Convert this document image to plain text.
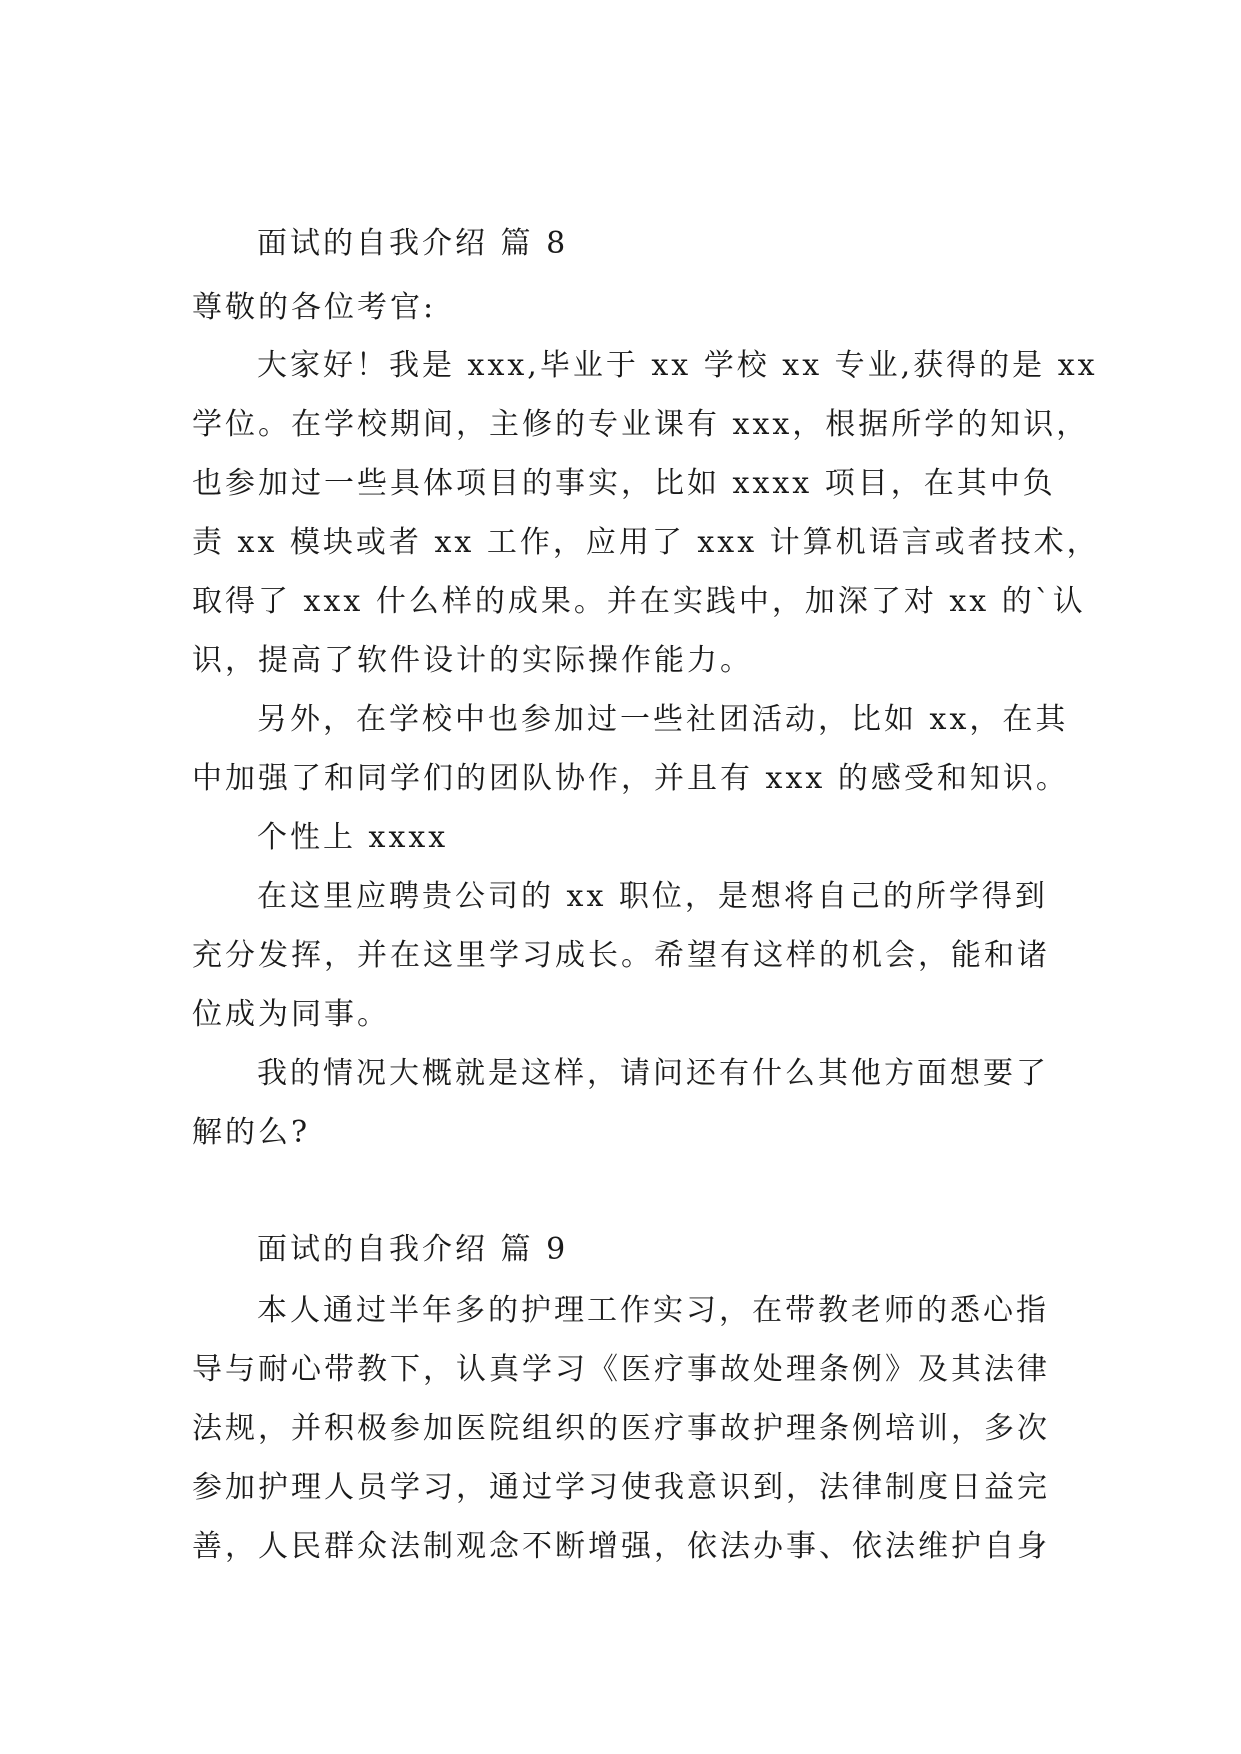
面试的自我介绍 篇 8
尊敬的各位考官:
大家好！我是 xxx,毕业于 xx 学校 xx 专业,获得的是 xx
学位。在学校期间，主修的专业课有 xxx，根据所学的知识，
也参加过一些具体项目的事实，比如 xxxx 项目，在其中负
责 xx 模块或者 xx 工作，应用了 xxx 计算机语言或者技术，
取得了 xxx 什么样的成果。并在实践中，加深了对 xx 的`认
识，提高了软件设计的实际操作能力。
另外，在学校中也参加过一些社团活动，比如 xx，在其
中加强了和同学们的团队协作，并且有 xxx 的感受和知识。
个性上 xxxx
在这里应聘贵公司的 xx 职位，是想将自己的所学得到
充分发挥，并在这里学习成长。希望有这样的机会，能和诸
位成为同事。
我的情况大概就是这样，请问还有什么其他方面想要了
解的么?
面试的自我介绍 篇 9
本人通过半年多的护理工作实习，在带教老师的悉心指
导与耐心带教下，认真学习《医疗事故处理条例》及其法律
法规，并积极参加医院组织的医疗事故护理条例培训，多次
参加护理人员学习，通过学习使我意识到，法律制度日益完
善，人民群众法制观念不断增强，依法办事、依法维护自身
